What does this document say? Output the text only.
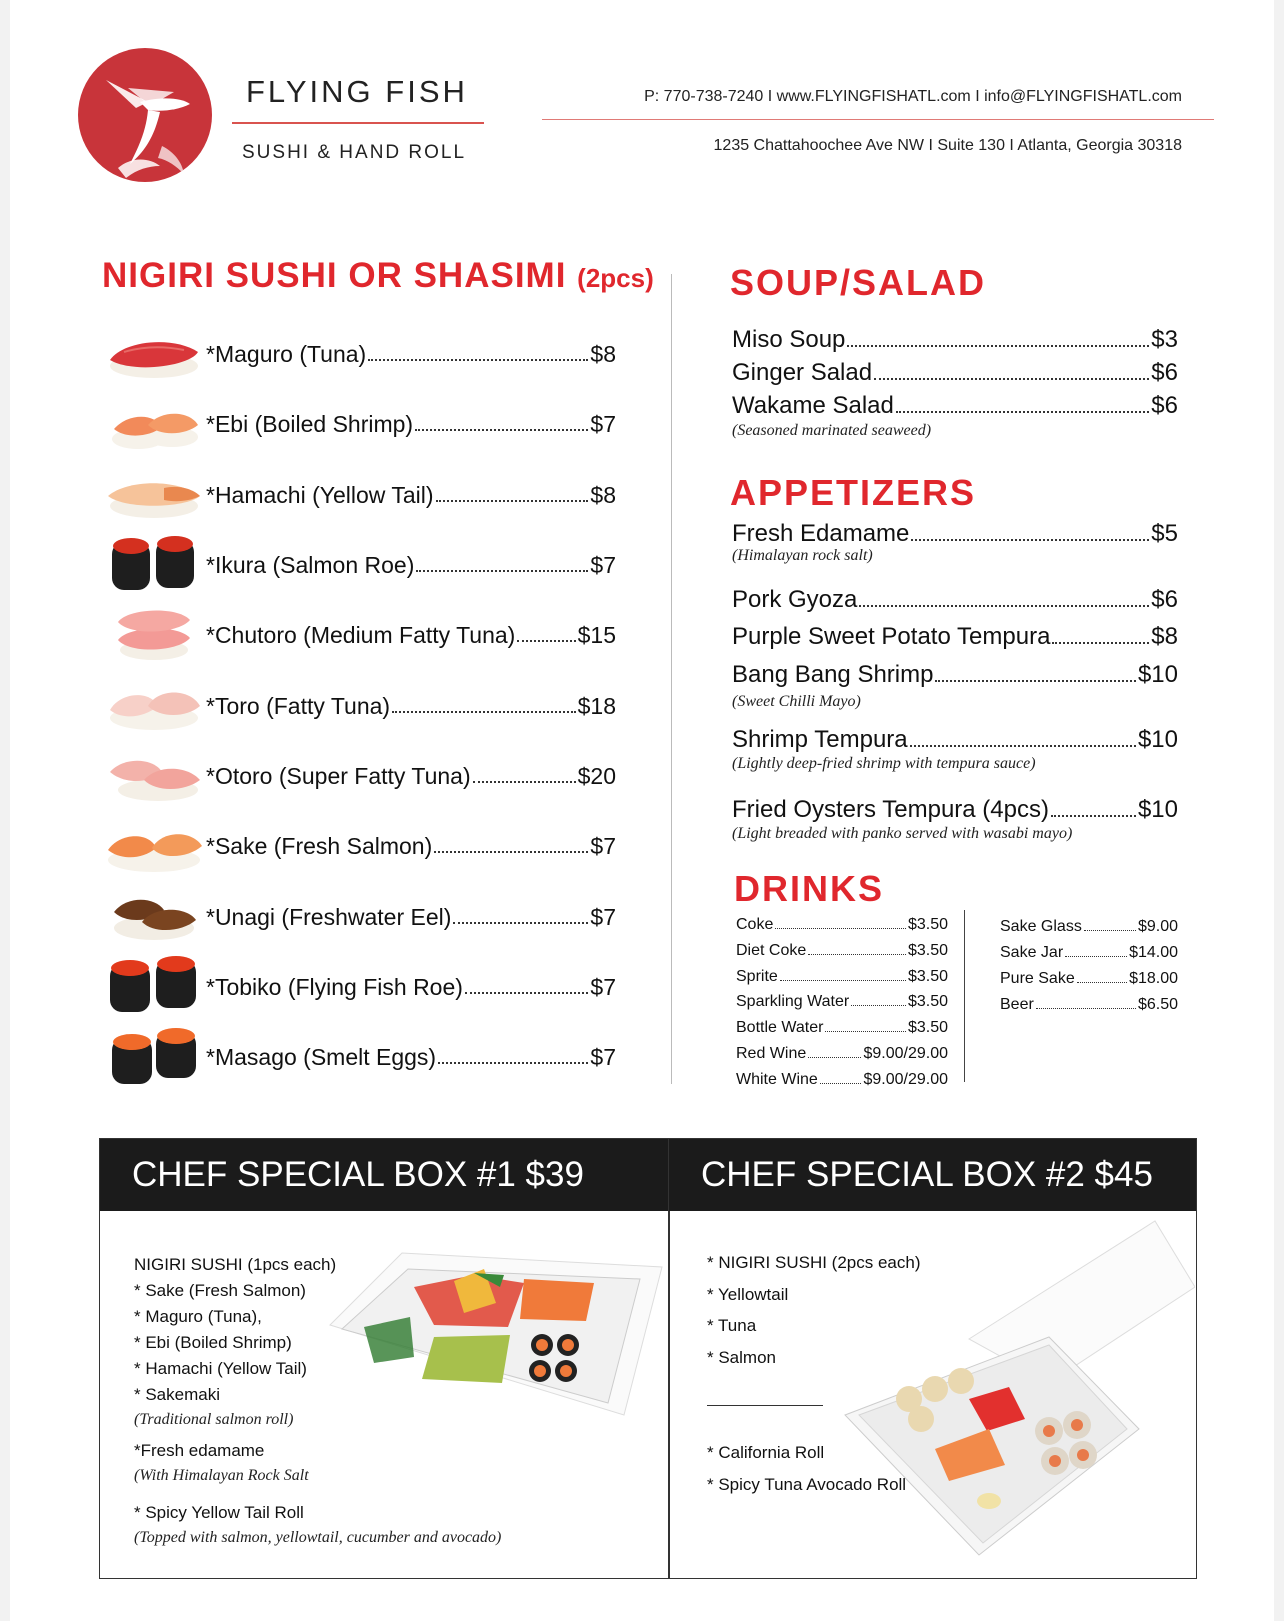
FLYING FISH
SUSHI & HAND ROLL
P: 770-738-7240 I www.FLYINGFISHATL.com I info@FLYINGFISHATL.com
1235 Chattahoochee Ave NW I Suite 130 I Atlanta, Georgia 30318
NIGIRI SUSHI OR SHASIMI (2pcs)
*Maguro (Tuna)	$8
*Ebi (Boiled Shrimp)	$7
*Hamachi (Yellow Tail)	$8
*Ikura (Salmon Roe)	$7
*Chutoro (Medium Fatty Tuna)	$15
*Toro (Fatty Tuna)	$18
*Otoro (Super Fatty Tuna)	$20
*Sake (Fresh Salmon)	$7
*Unagi (Freshwater Eel)	$7
*Tobiko (Flying Fish Roe)	$7
*Masago (Smelt Eggs)	$7
SOUP/SALAD
Miso Soup	$3
Ginger Salad	$6
Wakame Salad	$6
(Seasoned marinated seaweed)
APPETIZERS
Fresh Edamame	$5
(Himalayan rock salt)
Pork Gyoza	$6
Purple Sweet Potato Tempura	$8
Bang Bang Shrimp	$10
(Sweet Chilli Mayo)
Shrimp Tempura	$10
(Lightly deep-fried shrimp with tempura sauce)
Fried Oysters Tempura (4pcs)	$10
(Light breaded with panko served with wasabi mayo)
DRINKS
Coke	$3.50
Diet Coke	$3.50
Sprite	$3.50
Sparkling Water	$3.50
Bottle Water	$3.50
Red Wine	$9.00/29.00
White Wine	$9.00/29.00
Sake Glass	$9.00
Sake Jar	$14.00
Pure Sake	$18.00
Beer	$6.50
CHEF SPECIAL BOX #1 $39
NIGIRI SUSHI (1pcs each)
* Sake (Fresh Salmon)
* Maguro (Tuna),
* Ebi (Boiled Shrimp)
* Hamachi (Yellow Tail)
* Sakemaki
(Traditional salmon roll)
*Fresh edamame
(With Himalayan Rock Salt
* Spicy Yellow Tail Roll
(Topped with salmon, yellowtail, cucumber and avocado)
CHEF SPECIAL BOX #2 $45
* NIGIRI SUSHI (2pcs each)
* Yellowtail
* Tuna
* Salmon
* California Roll
* Spicy Tuna Avocado Roll
